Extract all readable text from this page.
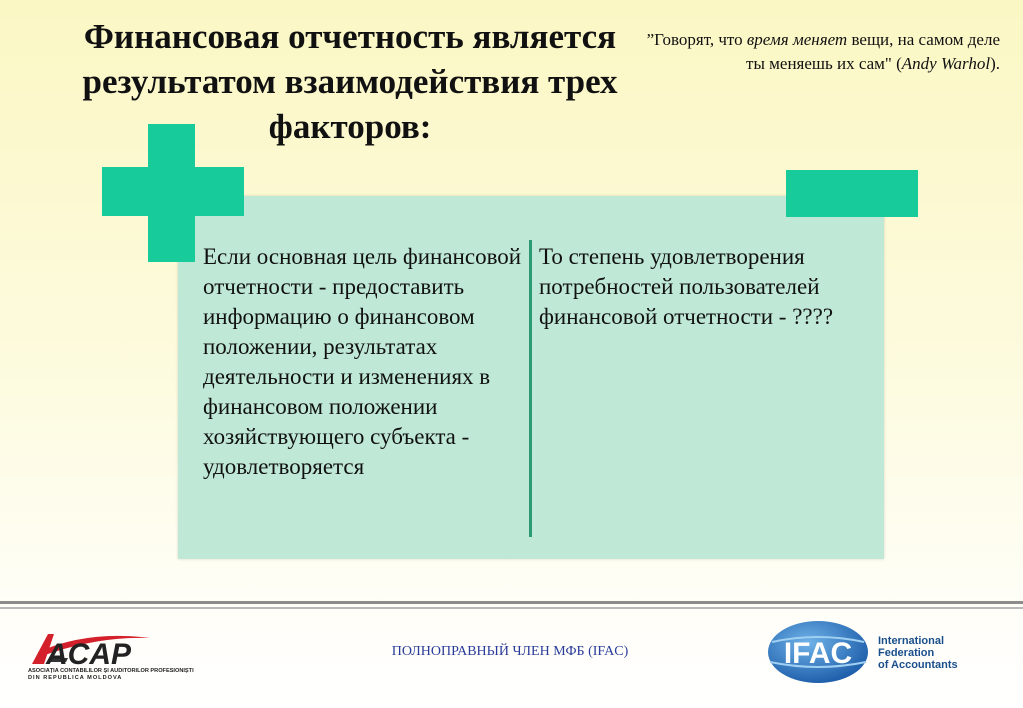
Финансовая отчетность является результатом взаимодействия трех факторов:
”Говорят, что время меняет вещи, на самом деле ты меняешь их сам" (Andy Warhol).
Если основная цель финансовой отчетности - предоставить информацию о финансовом положении, результатах деятельности и изменениях в финансовом положении хозяйствующего субъекта - удовлетворяется
То степень удовлетворения потребностей пользователей финансовой отчетности - ????
ACAP
ASOCIAȚIA CONTABILILOR ȘI AUDITORILOR PROFESIONIȘTI
DIN REPUBLICA MOLDOVA
ПОЛНОПРАВНЫЙ ЧЛЕН МФБ (IFAC)	IFAC International
Federation
of Accountants
